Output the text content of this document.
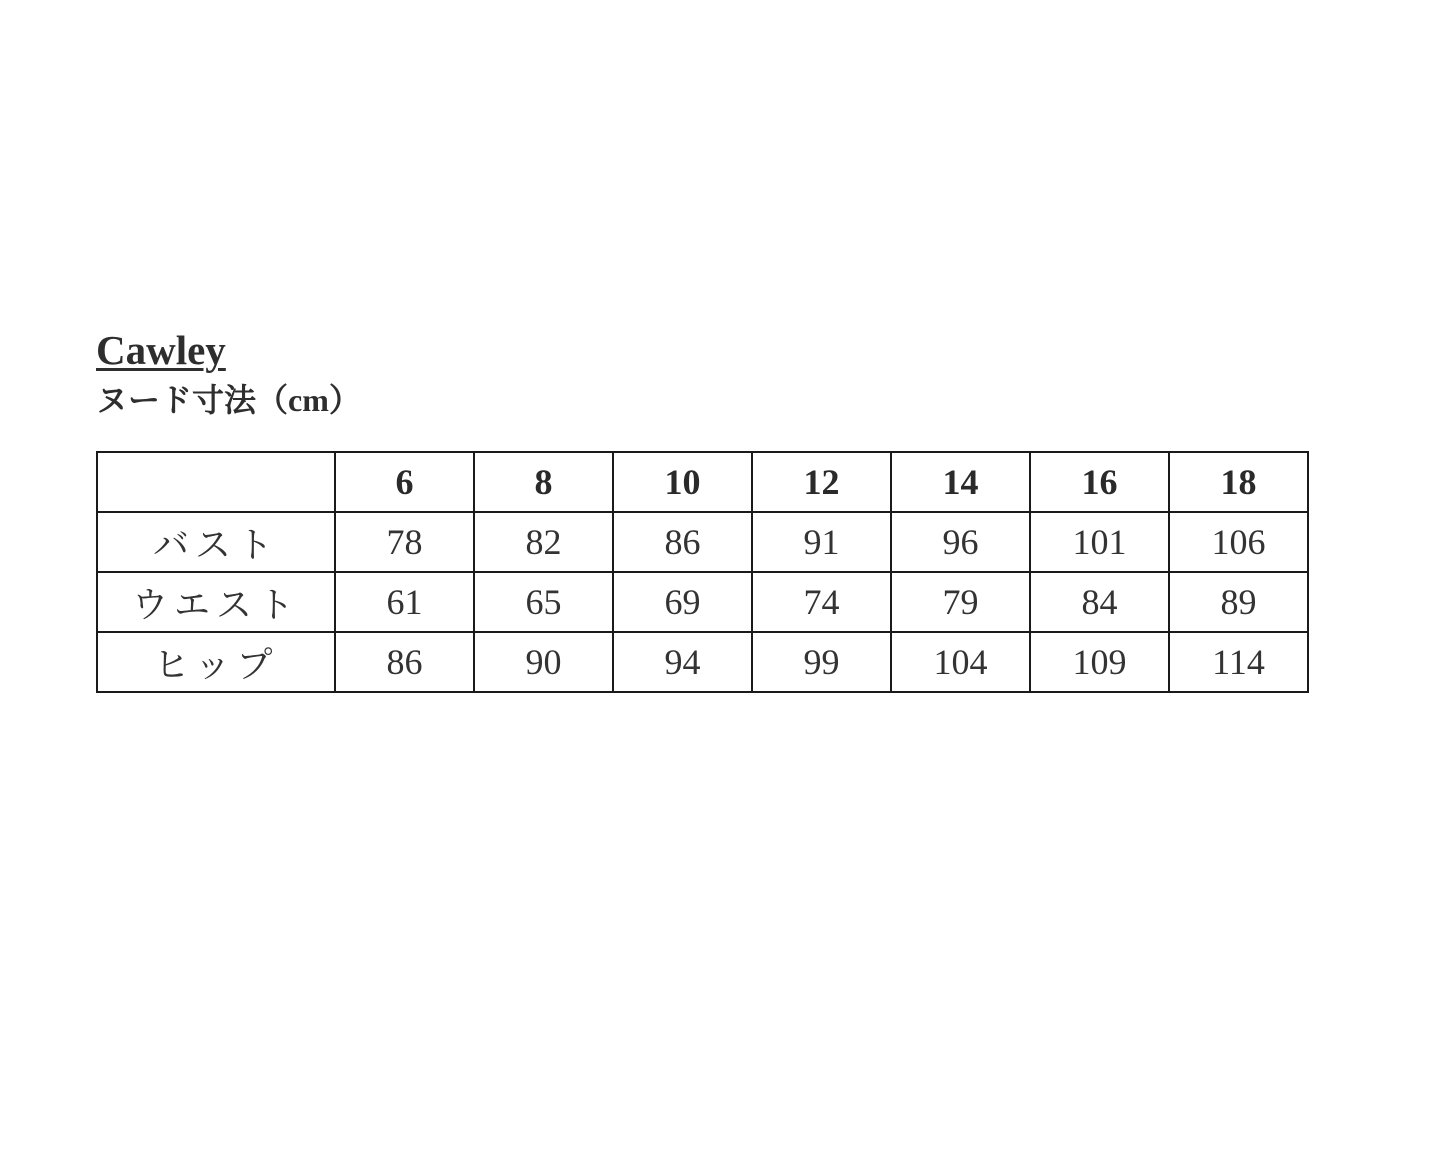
Cawley
ヌード寸法（cm）
	6	8	10	12	14	16	18
バスト	78	82	86	91	96	101	106
ウエスト	61	65	69	74	79	84	89
ヒップ	86	90	94	99	104	109	114
